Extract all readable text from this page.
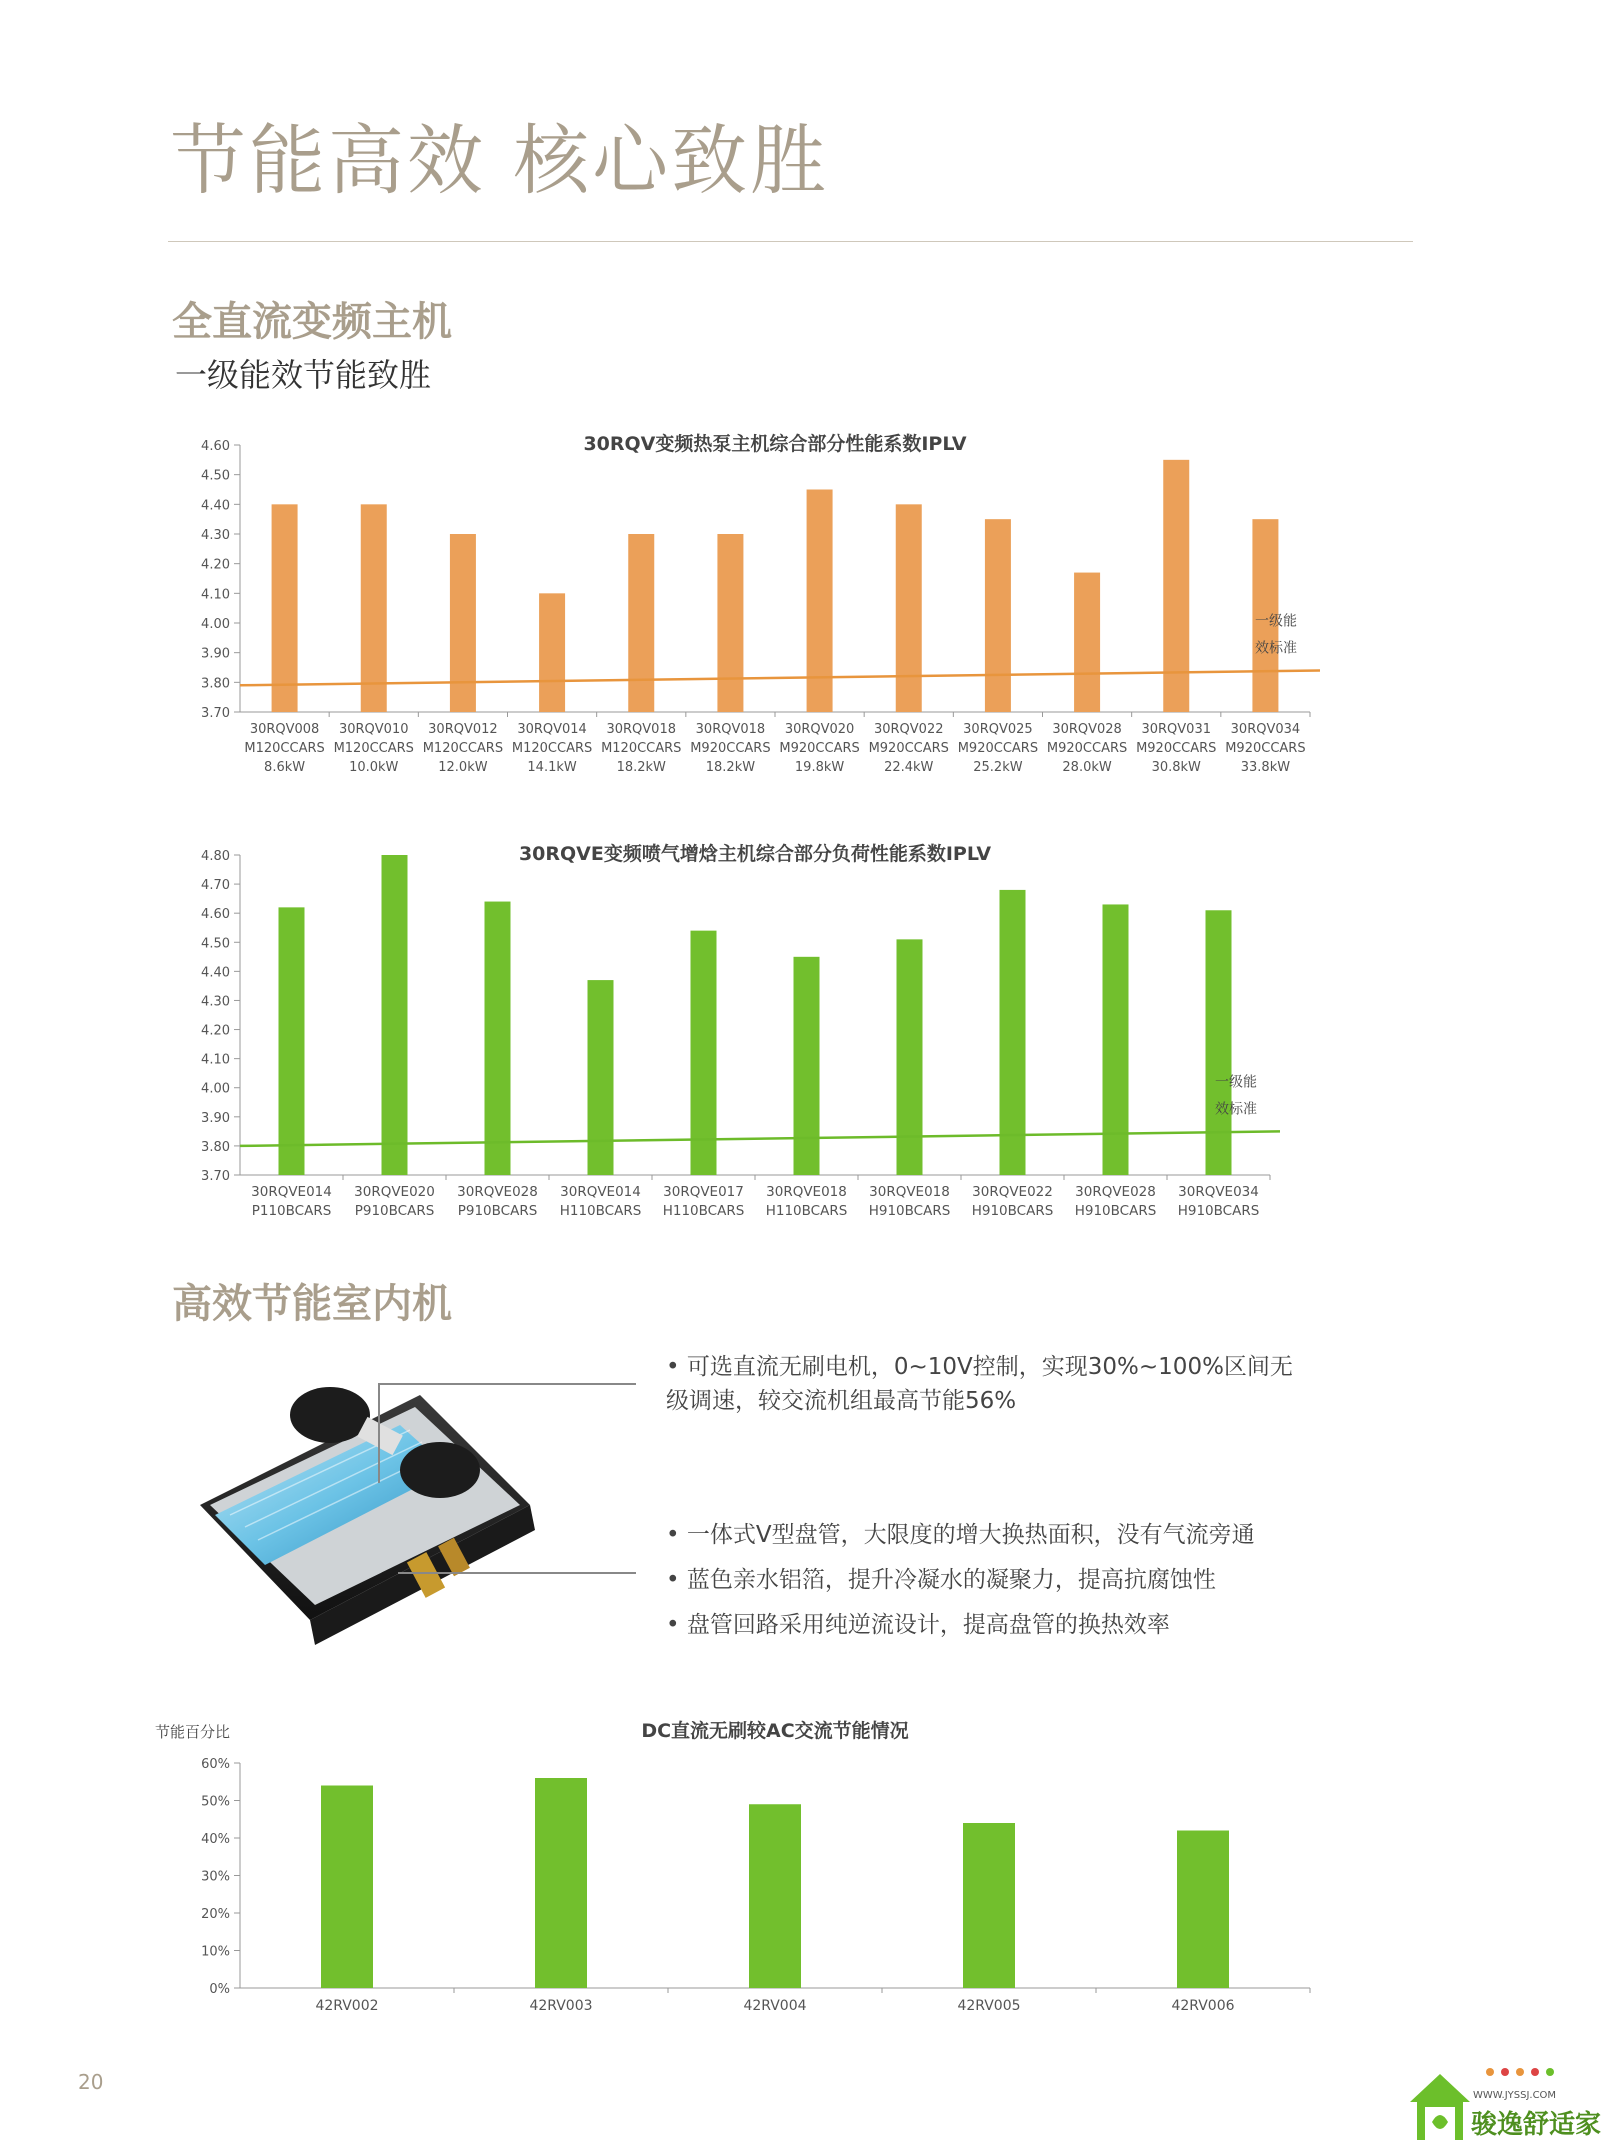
节能高效 核心致胜
全直流变频主机
一级能效节能致胜
30RQV变频热泵主机综合部分性能系数IPLV
4.60
4.50
4.40
4.30
4.20
4.10
4.00
3.90
3.80
3.70
30RQV008
M120CCARS
8.6kW
30RQV010
M120CCARS
10.0kW
30RQV012
M120CCARS
12.0kW
30RQV014
M120CCARS
14.1kW
30RQV018
M120CCARS
18.2kW
30RQV018
M920CCARS
18.2kW
30RQV020
M920CCARS
19.8kW
30RQV022
M920CCARS
22.4kW
30RQV025
M920CCARS
25.2kW
30RQV028
M920CCARS
28.0kW
30RQV031
M920CCARS
30.8kW
30RQV034
M920CCARS
33.8kW
一级能
效标准
30RQVE变频喷气增焓主机综合部分负荷性能系数IPLV
4.80
4.70
4.60
4.50
4.40
4.30
4.20
4.10
4.00
3.90
3.80
3.70
30RQVE014
P110BCARS
30RQVE020
P910BCARS
30RQVE028
P910BCARS
30RQVE014
H110BCARS
30RQVE017
H110BCARS
30RQVE018
H110BCARS
30RQVE018
H910BCARS
30RQVE022
H910BCARS
30RQVE028
H910BCARS
30RQVE034
H910BCARS
一级能
效标准
高效节能室内机
• 可选直流无刷电机，0~10V控制，实现30%~100%区间无
级调速，较交流机组最高节能56%
• 一体式V型盘管，大限度的增大换热面积，没有气流旁通
• 蓝色亲水铝箔，提升冷凝水的凝聚力，提高抗腐蚀性
• 盘管回路采用纯逆流设计，提高盘管的换热效率
DC直流无刷较AC交流节能情况
节能百分比
60%
50%
40%
30%
20%
10%
0%
42RV002	42RV003	42RV004	42RV005	42RV006
20
WWW.JYSSJ.COM
骏逸舒适家
